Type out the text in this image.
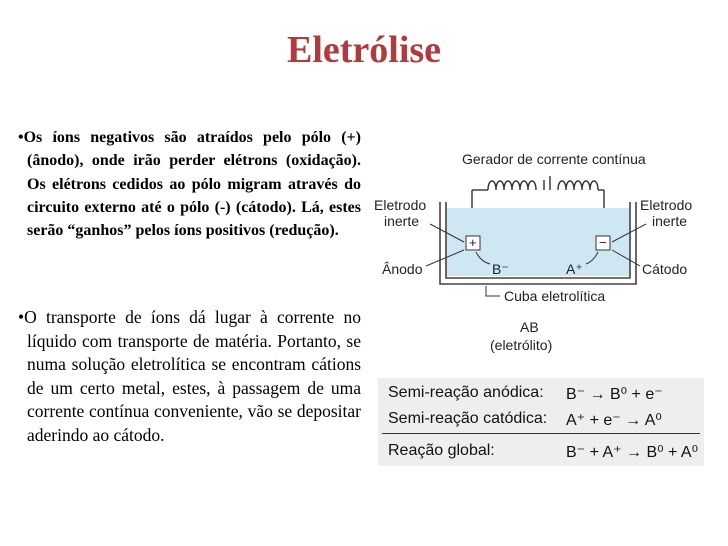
Eletrólise
•Os íons negativos são atraídos pelo pólo (+) (ânodo), onde irão perder elétrons (oxidação). Os elétrons cedidos ao pólo migram através do circuito externo até o pólo (-) (cátodo). Lá, estes serão “ganhos” pelos íons positivos (redução).
•O transporte de íons dá lugar à corrente no líquido com transporte de matéria. Portanto, se numa solução eletrolítica se encontram cátions de um certo metal, estes, à passagem de uma corrente contínua conveniente, vão se depositar aderindo ao cátodo.
Gerador de corrente contínua
+	−
B⁻	A⁺
Eletrodo
inerte
Ânodo
Eletrodo
inerte
Cátodo
Cuba eletrolítica
AB
(eletrólito)
Semi-reação anódica: B⁻ → B⁰ + e⁻
Semi-reação catódica: A⁺ + e⁻ → A⁰
Reação global:	B⁻ + A⁺ → B⁰ + A⁰
